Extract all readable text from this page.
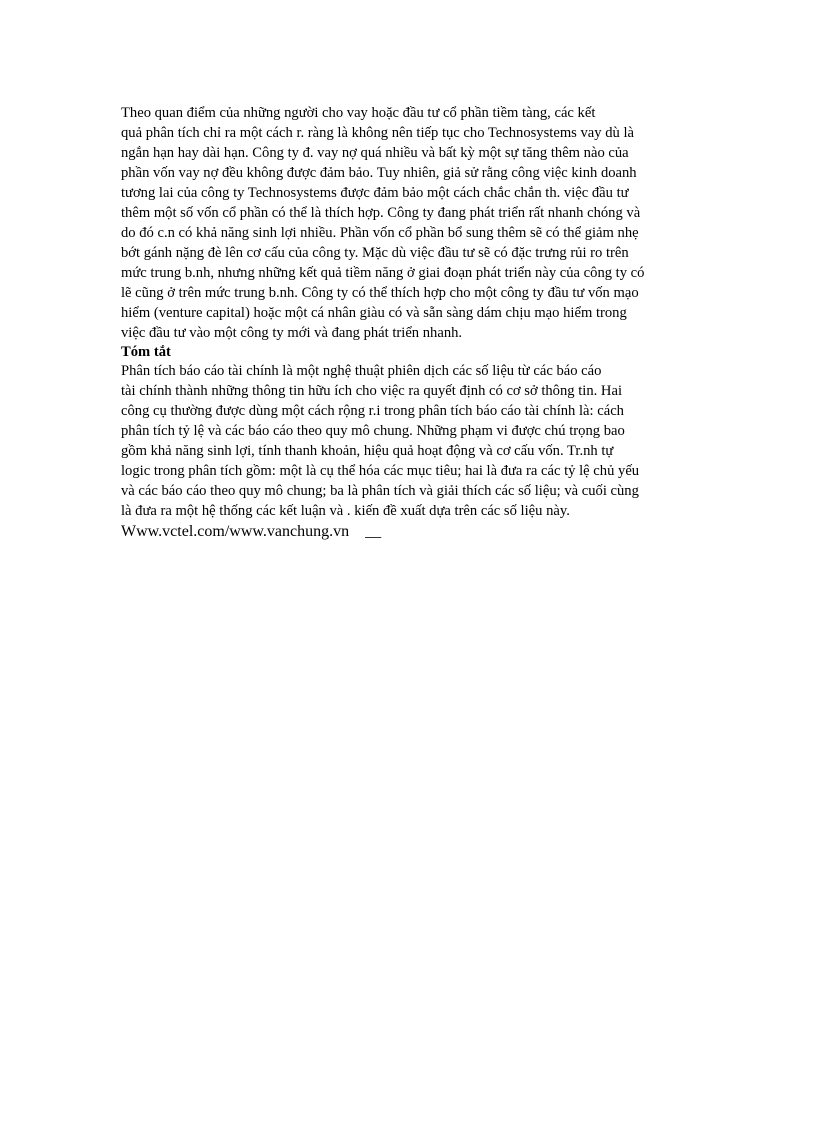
Theo quan điểm của những người cho vay hoặc đầu tư cổ phần tiềm tàng, các kết
quả phân tích chỉ ra một cách r. ràng là không nên tiếp tục cho Technosystems vay dù là
ngắn hạn hay dài hạn. Công ty đ. vay nợ quá nhiều và bất kỳ một sự tăng thêm nào của
phần vốn vay nợ đều không được đảm bảo. Tuy nhiên, giả sử rằng công việc kinh doanh
tương lai của công ty Technosystems được đảm bảo một cách chắc chắn th. việc đầu tư
thêm một số vốn cổ phần có thể là thích hợp. Công ty đang phát triển rất nhanh chóng và
do đó c.n có khả năng sinh lợi nhiều. Phần vốn cổ phần bổ sung thêm sẽ có thể giảm nhẹ
bớt gánh nặng đè lên cơ cấu của công ty. Mặc dù việc đầu tư sẽ có đặc trưng rủi ro trên
mức trung b.nh, nhưng những kết quả tiềm năng ở giai đoạn phát triển này của công ty có
lẽ cũng ở trên mức trung b.nh. Công ty có thể thích hợp cho một công ty đầu tư vốn mạo
hiểm (venture capital) hoặc một cá nhân giàu có và sẵn sàng dám chịu mạo hiểm trong
việc đầu tư vào một công ty mới và đang phát triển nhanh.
Tóm tắt
Phân tích báo cáo tài chính là một nghệ thuật phiên dịch các số liệu từ các báo cáo
tài chính thành những thông tin hữu ích cho việc ra quyết định có cơ sở thông tin. Hai
công cụ thường được dùng một cách rộng r.i trong phân tích báo cáo tài chính là: cách
phân tích tỷ lệ và các báo cáo theo quy mô chung. Những phạm vi được chú trọng bao
gồm khả năng sinh lợi, tính thanh khoản, hiệu quả hoạt động và cơ cấu vốn. Tr.nh tự
logic trong phân tích gồm: một là cụ thể hóa các mục tiêu; hai là đưa ra các tỷ lệ chủ yếu
và các báo cáo theo quy mô chung; ba là phân tích và giải thích các số liệu; và cuối cùng
là đưa ra một hệ thống các kết luận và . kiến đề xuất dựa trên các số liệu này.
Www.vctel.com/www.vanchung.vn    __
